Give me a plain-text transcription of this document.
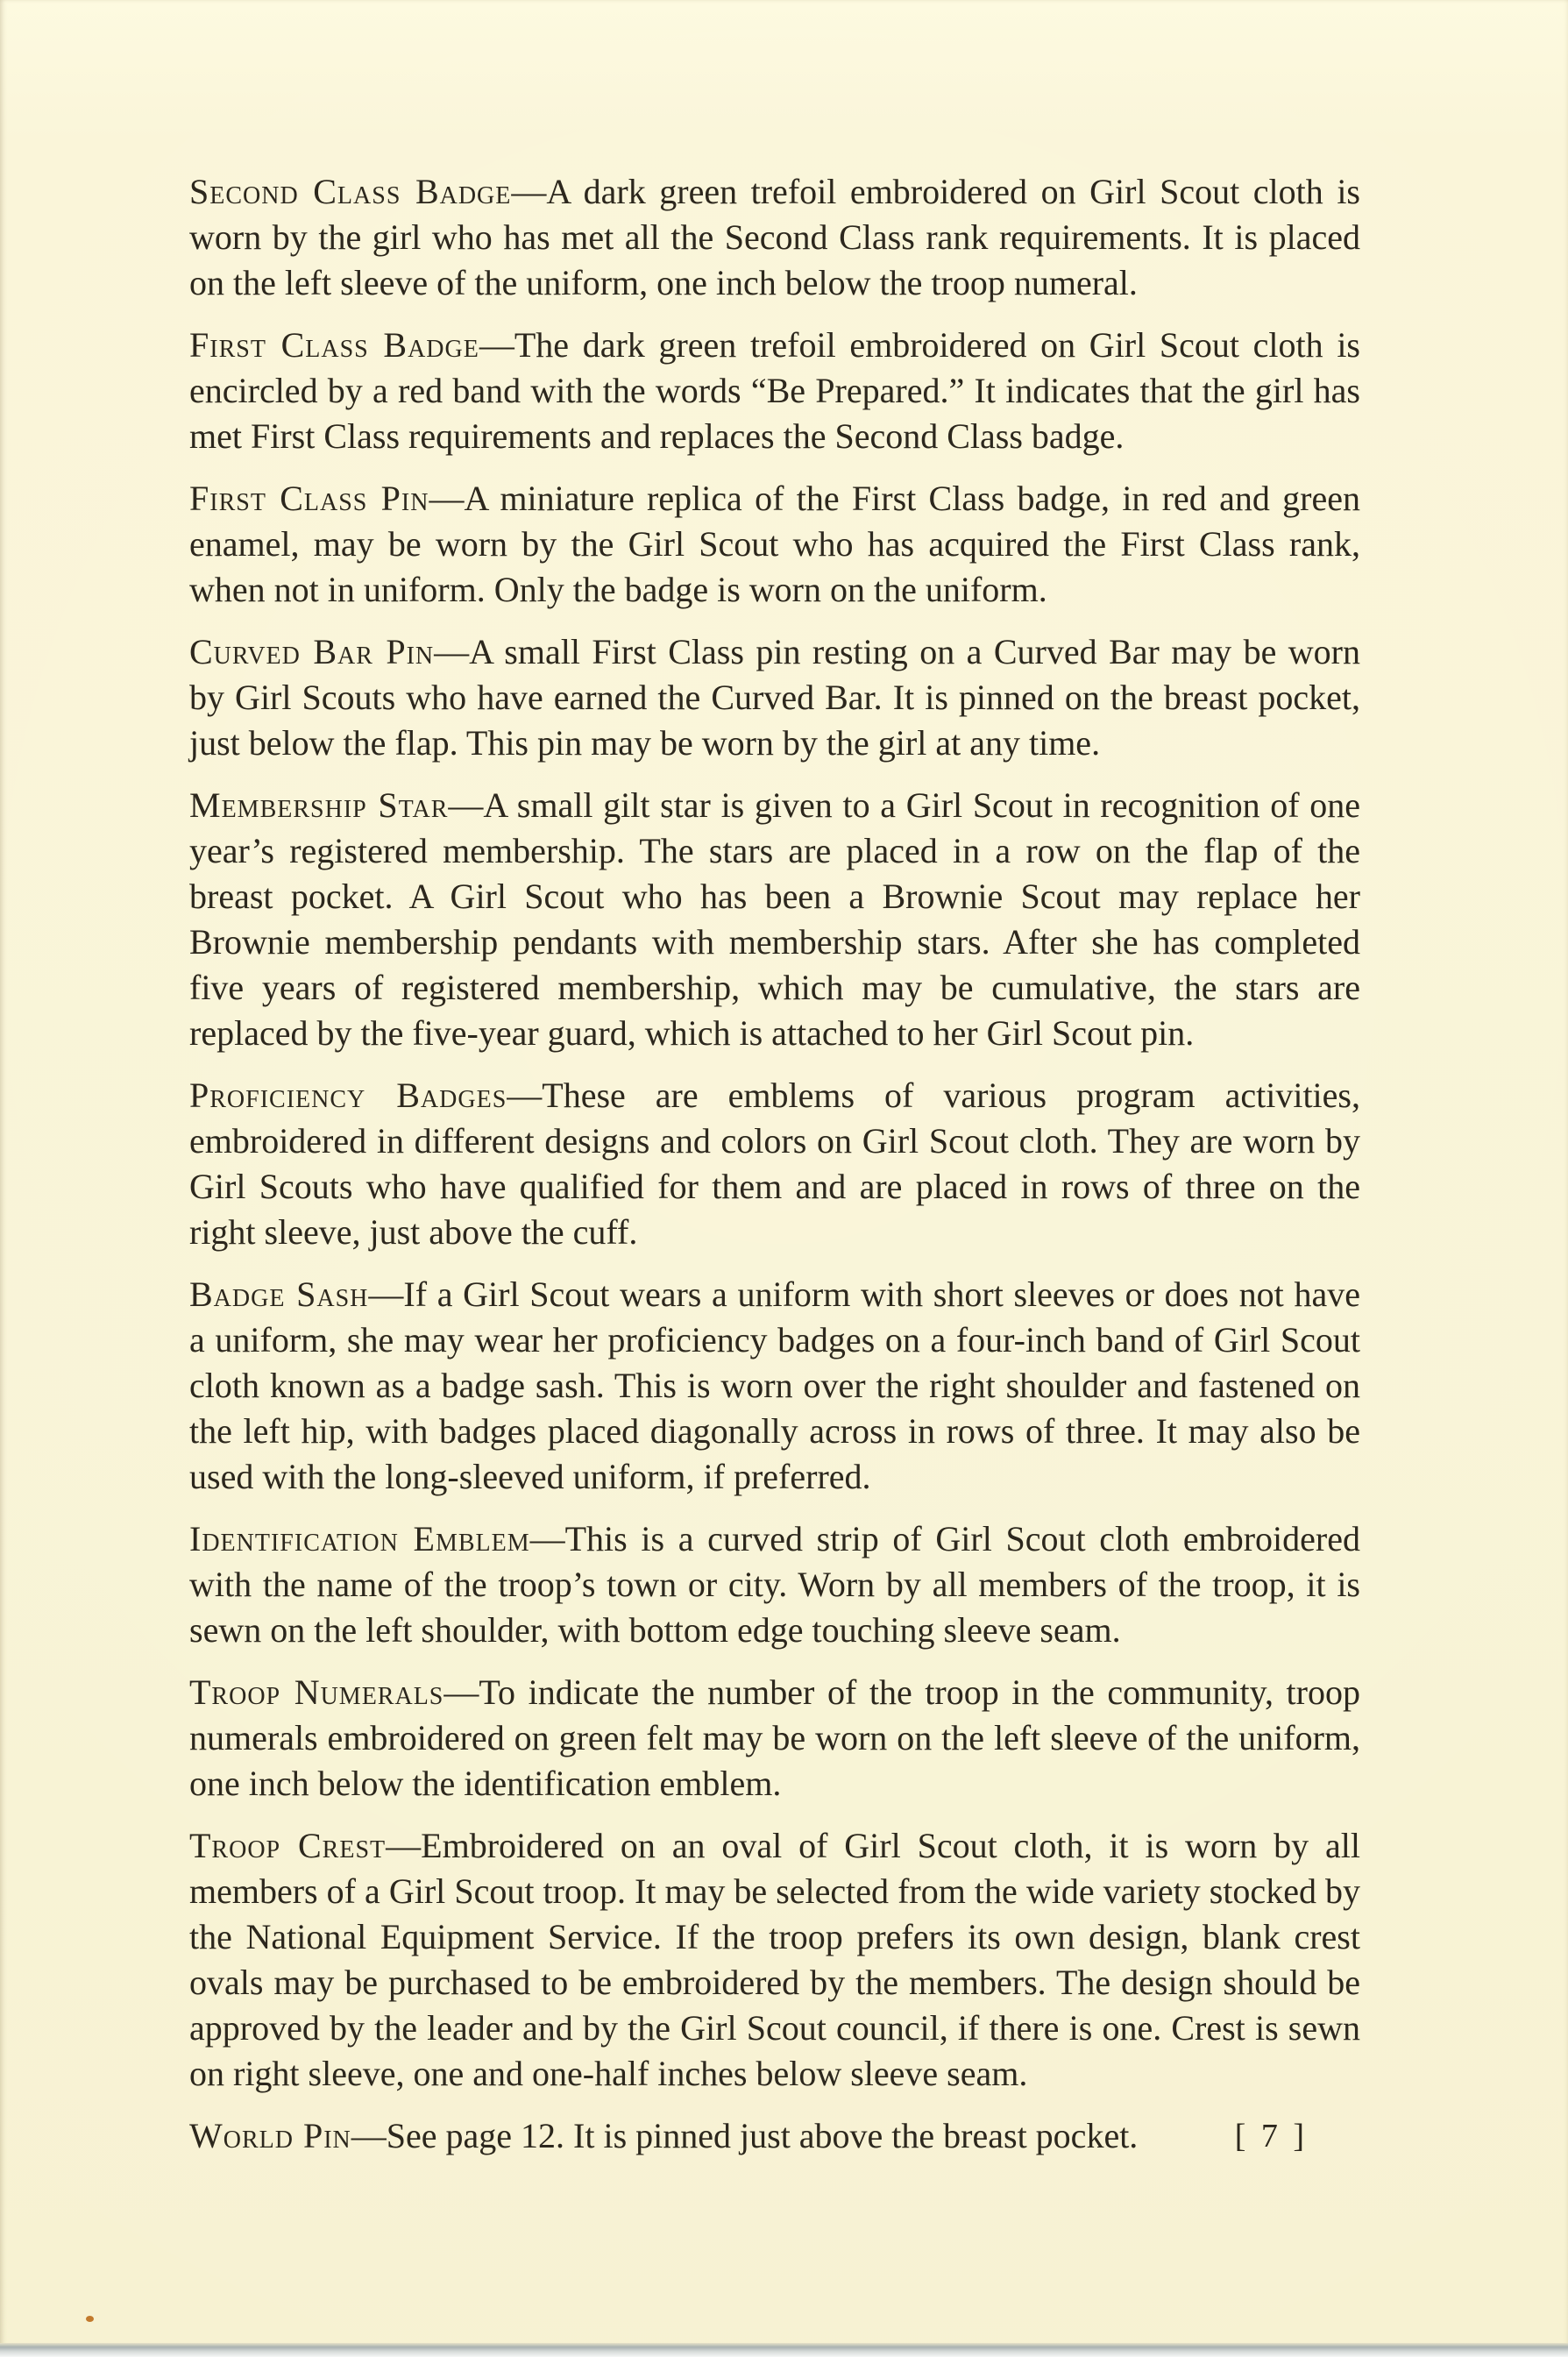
Second Class Badge—A dark green trefoil embroidered on Girl Scout cloth is worn by the girl who has met all the Second Class rank requirements. It is placed on the left sleeve of the uniform, one inch below the troop numeral.

First Class Badge—The dark green trefoil embroidered on Girl Scout cloth is encircled by a red band with the words “Be Prepared.” It indicates that the girl has met First Class requirements and replaces the Second Class badge.

First Class Pin—A miniature replica of the First Class badge, in red and green enamel, may be worn by the Girl Scout who has acquired the First Class rank, when not in uniform. Only the badge is worn on the uniform.

Curved Bar Pin—A small First Class pin resting on a Curved Bar may be worn by Girl Scouts who have earned the Curved Bar. It is pinned on the breast pocket, just below the flap. This pin may be worn by the girl at any time.

Membership Star—A small gilt star is given to a Girl Scout in recognition of one year’s registered membership. The stars are placed in a row on the flap of the breast pocket. A Girl Scout who has been a Brownie Scout may replace her Brownie membership pendants with membership stars. After she has completed five years of registered membership, which may be cumulative, the stars are replaced by the five-year guard, which is attached to her Girl Scout pin.

Proficiency Badges—These are emblems of various program activities, embroidered in different designs and colors on Girl Scout cloth. They are worn by Girl Scouts who have qualified for them and are placed in rows of three on the right sleeve, just above the cuff.

Badge Sash—If a Girl Scout wears a uniform with short sleeves or does not have a uniform, she may wear her proficiency badges on a four-inch band of Girl Scout cloth known as a badge sash. This is worn over the right shoulder and fastened on the left hip, with badges placed diagonally across in rows of three. It may also be used with the long-sleeved uniform, if preferred.

Identification Emblem—This is a curved strip of Girl Scout cloth embroidered with the name of the troop’s town or city. Worn by all members of the troop, it is sewn on the left shoulder, with bottom edge touching sleeve seam.

Troop Numerals—To indicate the number of the troop in the community, troop numerals embroidered on green felt may be worn on the left sleeve of the uniform, one inch below the identification emblem.

Troop Crest—Embroidered on an oval of Girl Scout cloth, it is worn by all members of a Girl Scout troop. It may be selected from the wide variety stocked by the National Equipment Service. If the troop prefers its own design, blank crest ovals may be purchased to be embroidered by the members. The design should be approved by the leader and by the Girl Scout council, if there is one. Crest is sewn on right sleeve, one and one-half inches below sleeve seam.

World Pin—See page 12. It is pinned just above the breast pocket.	[ 7 ]
